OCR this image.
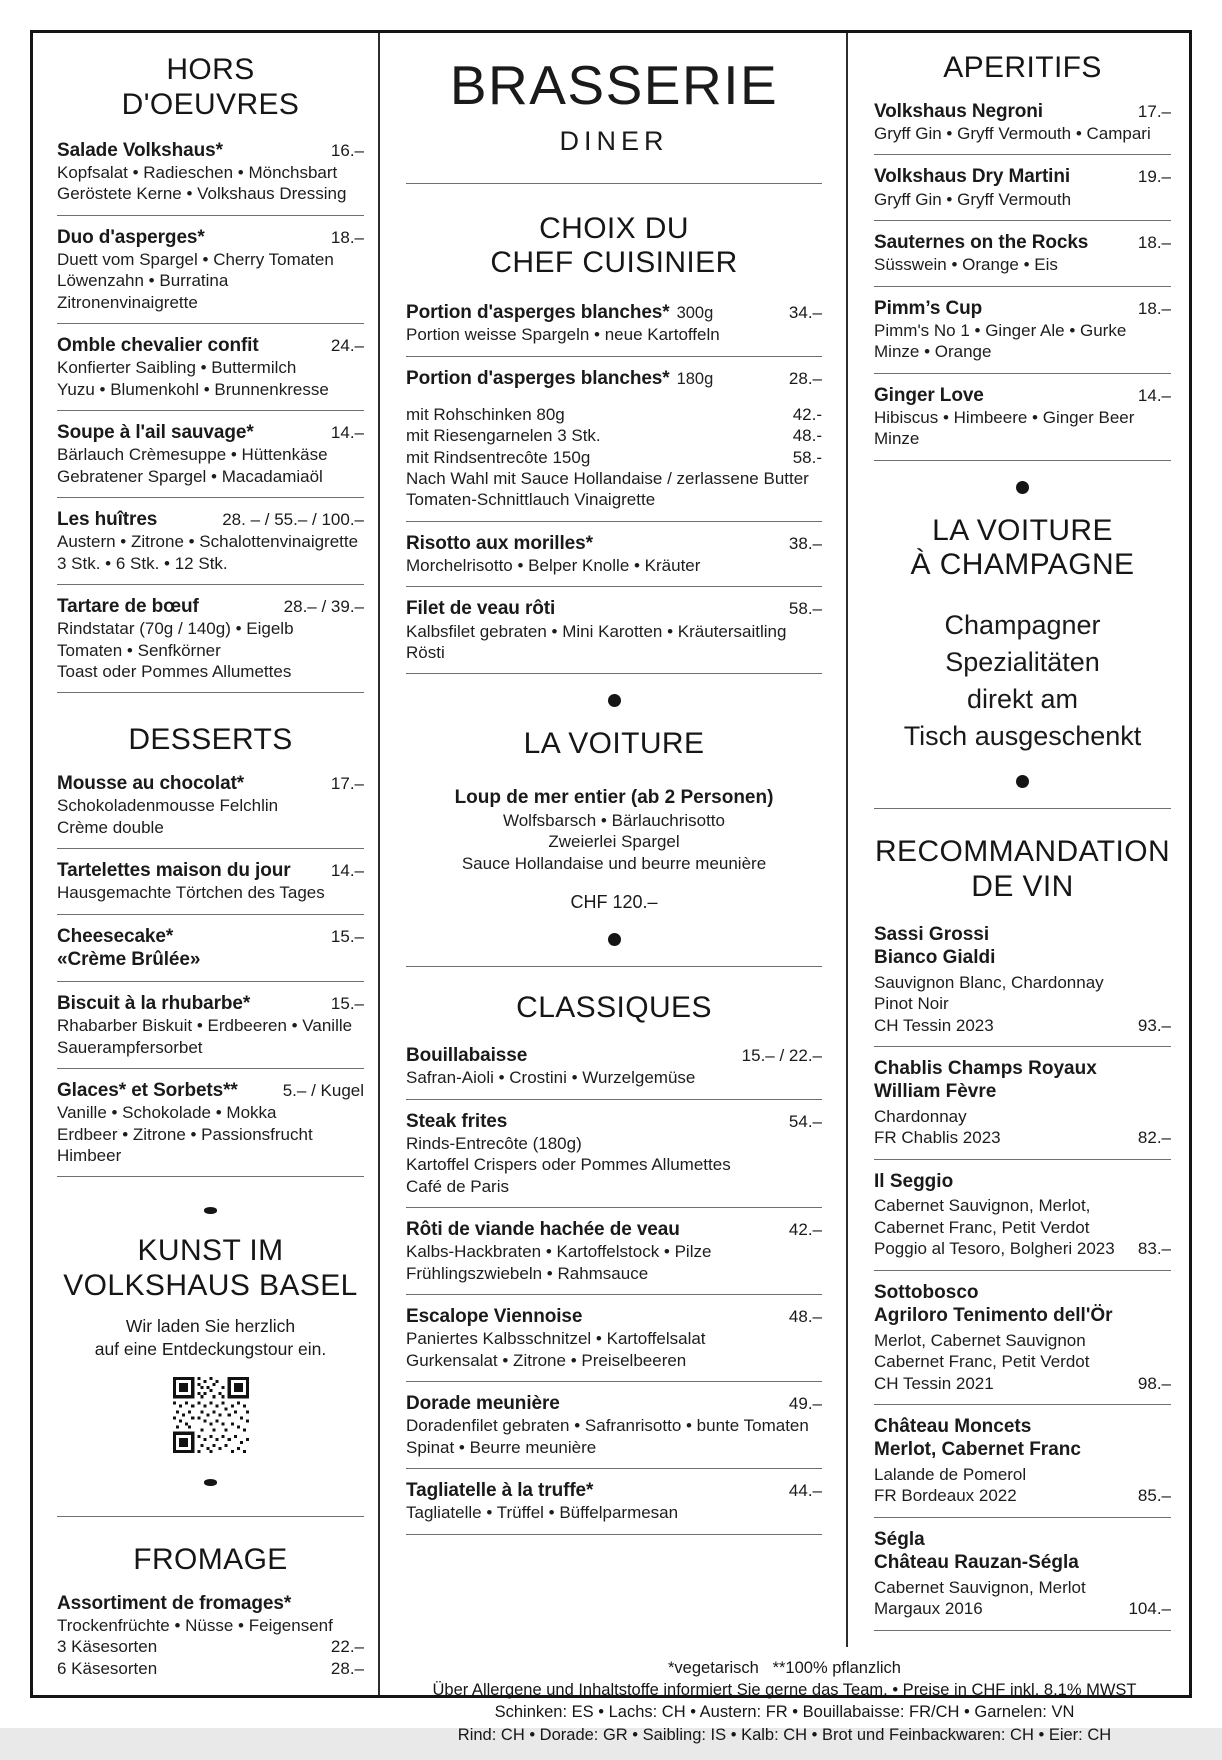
HORS
D'OEUVRES
Salade Volkshaus*	16.–
Kopfsalat • Radieschen • Mönchsbart
Geröstete Kerne • Volkshaus Dressing
Duo d'asperges*	18.–
Duett vom Spargel • Cherry Tomaten
Löwenzahn • Burratina
Zitronenvinaigrette
Omble chevalier confit	24.–
Konfierter Saibling • Buttermilch
Yuzu • Blumenkohl • Brunnenkresse
Soupe à l'ail sauvage*	14.–
Bärlauch Crèmesuppe • Hüttenkäse
Gebratener Spargel • Macadamiaöl
Les huîtres	28. – / 55.– / 100.–
Austern • Zitrone • Schalottenvinaigrette
3 Stk. • 6 Stk. • 12 Stk.
Tartare de bœuf	28.– / 39.–
Rindstatar (70g / 140g) • Eigelb
Tomaten • Senfkörner
Toast oder Pommes Allumettes
DESSERTS
Mousse au chocolat*	17.–
Schokoladenmousse Felchlin
Crème double
Tartelettes maison du jour 14.–
Hausgemachte Törtchen des Tages
Cheesecake*	15.–
«Crème Brûlée»
Biscuit à la rhubarbe*	15.–
Rhabarber Biskuit • Erdbeeren • Vanille
Sauerampfersorbet
Glaces* et Sorbets**	5.– / Kugel
Vanille • Schokolade • Mokka
Erdbeer • Zitrone • Passionsfrucht
Himbeer
KUNST IM
VOLKSHAUS BASEL
Wir laden Sie herzlich
auf eine Entdeckungstour ein.
FROMAGE
Assortiment de fromages*
Trockenfrüchte • Nüsse • Feigensenf
3 Käsesorten	22.–
6 Käsesorten	28.–
BRASSERIE
DINER
CHOIX DU
CHEF CUISINIER
Portion d'asperges blanches* 300g	34.–
Portion weisse Spargeln • neue Kartoffeln
Portion d'asperges blanches* 180g	28.–
mit Rohschinken 80g	42.-
mit Riesengarnelen 3 Stk.	48.-
mit Rindsentrecôte 150g	58.-
Nach Wahl mit Sauce Hollandaise / zerlassene Butter
Tomaten-Schnittlauch Vinaigrette
Risotto aux morilles*	38.–
Morchelrisotto • Belper Knolle • Kräuter
Filet de veau rôti	58.–
Kalbsfilet gebraten • Mini Karotten • Kräutersaitling
Rösti
LA VOITURE
Loup de mer entier (ab 2 Personen)
Wolfsbarsch • Bärlauchrisotto
Zweierlei Spargel
Sauce Hollandaise und beurre meunière
CHF 120.–
CLASSIQUES
Bouillabaisse	15.– / 22.–
Safran-Aioli • Crostini • Wurzelgemüse
Steak frites	54.–
Rinds-Entrecôte (180g)
Kartoffel Crispers oder Pommes Allumettes
Café de Paris
Rôti de viande hachée de veau	42.–
Kalbs-Hackbraten • Kartoffelstock • Pilze
Frühlingszwiebeln • Rahmsauce
Escalope Viennoise	48.–
Paniertes Kalbsschnitzel • Kartoffelsalat
Gurkensalat • Zitrone • Preiselbeeren
Dorade meunière	49.–
Doradenfilet gebraten • Safranrisotto • bunte Tomaten
Spinat • Beurre meunière
Tagliatelle à la truffe*	44.–
Tagliatelle • Trüffel • Büffelparmesan
APERITIFS
Volkshaus Negroni	17.–
Gryff Gin • Gryff Vermouth • Campari
Volkshaus Dry Martini	19.–
Gryff Gin • Gryff Vermouth
Sauternes on the Rocks	18.–
Süsswein • Orange • Eis
Pimm’s Cup	18.–
Pimm's No 1 • Ginger Ale • Gurke
Minze • Orange
Ginger Love	14.–
Hibiscus • Himbeere • Ginger Beer
Minze
LA VOITURE
À CHAMPAGNE
Champagner
Spezialitäten
direkt am
Tisch ausgeschenkt
RECOMMANDATION
DE VIN
Sassi Grossi
Bianco Gialdi
Sauvignon Blanc, Chardonnay
Pinot Noir
CH Tessin 2023	93.–
Chablis Champs Royaux
William Fèvre
Chardonnay
FR Chablis 2023	82.–
Il Seggio
Cabernet Sauvignon, Merlot,
Cabernet Franc, Petit Verdot
Poggio al Tesoro, Bolgheri 2023 83.–
Sottobosco
Agriloro Tenimento dell'Ör
Merlot, Cabernet Sauvignon
Cabernet Franc, Petit Verdot
CH Tessin 2021	98.–
Château Moncets
Merlot, Cabernet Franc
Lalande de Pomerol
FR Bordeaux 2022	85.–
Ségla
Château Rauzan-Ségla
Cabernet Sauvignon, Merlot
Margaux 2016	104.–
*vegetarisch   **100% pflanzlich
Über Allergene und Inhaltstoffe informiert Sie gerne das Team. • Preise in CHF inkl. 8.1% MWST
Schinken: ES • Lachs: CH • Austern: FR • Bouillabaisse: FR/CH • Garnelen: VN
Rind: CH • Dorade: GR • Saibling: IS • Kalb: CH • Brot und Feinbackwaren: CH • Eier: CH
